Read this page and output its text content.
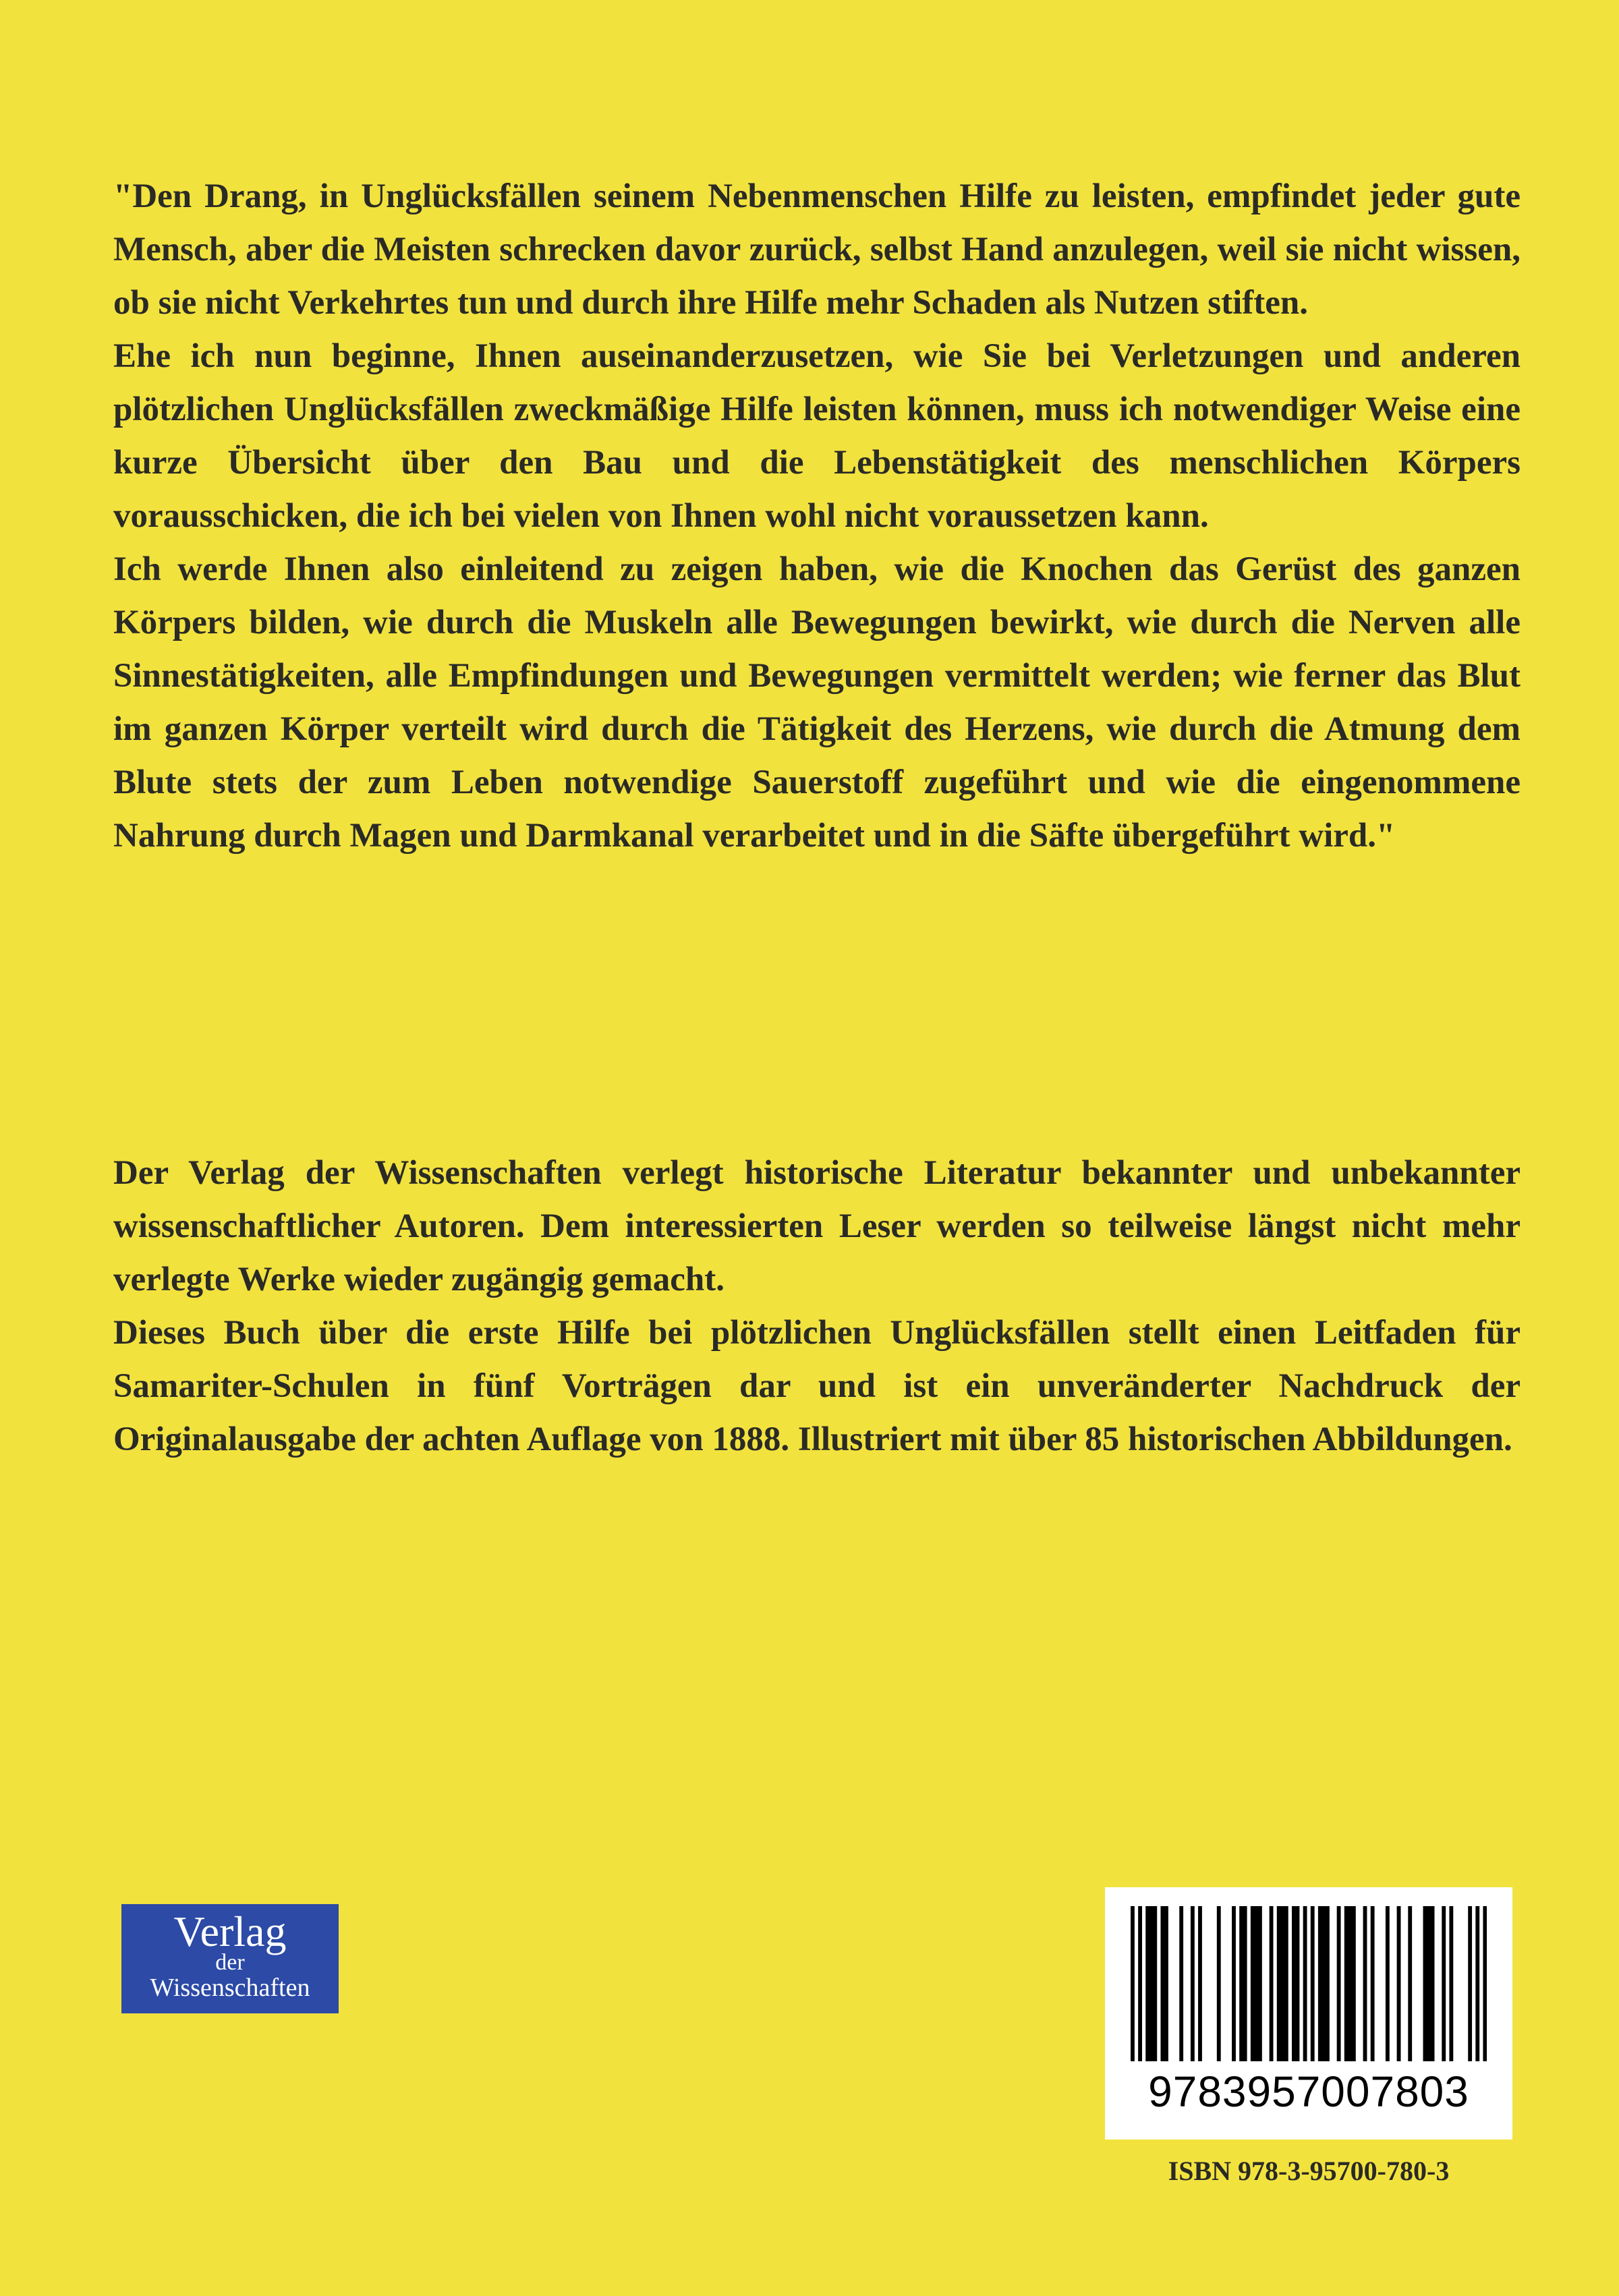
"Den Drang, in Unglücksfällen seinem Nebenmenschen Hilfe zu leisten, empfindet jeder gute Mensch, aber die Meisten schrecken davor zurück, selbst Hand anzulegen, weil sie nicht wissen, ob sie nicht Verkehrtes tun und durch ihre Hilfe mehr Schaden als Nutzen stiften.

Ehe ich nun beginne, Ihnen auseinanderzusetzen, wie Sie bei Verletzungen und anderen plötzlichen Unglücksfällen zweckmäßige Hilfe leisten können, muss ich notwendiger Weise eine kurze Übersicht über den Bau und die Lebenstätigkeit des menschlichen Körpers vorausschicken, die ich bei vielen von Ihnen wohl nicht voraussetzen kann.

Ich werde Ihnen also einleitend zu zeigen haben, wie die Knochen das Gerüst des ganzen Körpers bilden, wie durch die Muskeln alle Bewegungen bewirkt, wie durch die Nerven alle Sinnestätigkeiten, alle Empfindungen und Bewegungen vermittelt werden; wie ferner das Blut im ganzen Körper verteilt wird durch die Tätigkeit des Herzens, wie durch die Atmung dem Blute stets der zum Leben notwendige Sauerstoff zugeführt und wie die eingenommene Nahrung durch Magen und Darmkanal verarbeitet und in die Säfte übergeführt wird."

Der Verlag der Wissenschaften verlegt historische Literatur bekannter und unbekannter wissenschaftlicher Autoren. Dem interessierten Leser werden so teilweise längst nicht mehr verlegte Werke wieder zugängig gemacht.

Dieses Buch über die erste Hilfe bei plötzlichen Unglücksfällen stellt einen Leitfaden für Samariter-Schulen in fünf Vorträgen dar und ist ein unveränderter Nachdruck der Originalausgabe der achten Auflage von 1888. Illustriert mit über 85 historischen Abbildungen.

Verlag
der
Wissenschaften
9783957007803
ISBN 978-3-95700-780-3
